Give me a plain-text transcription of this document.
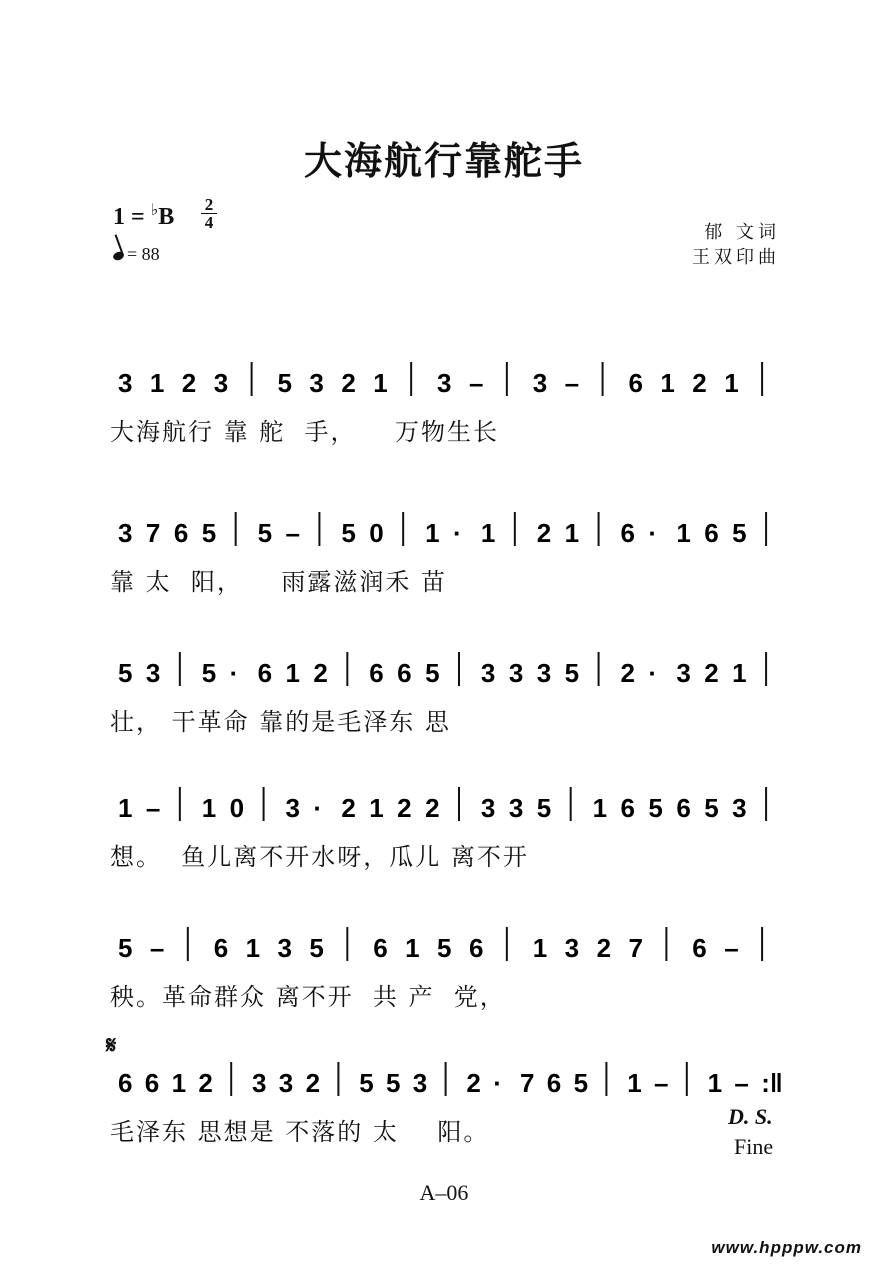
大海航行靠舵手
1 = ♭B 2
4
= 88
郁 文词
王双印曲
3 1 2 3 5 3 2 1 3 – 3 – 6 1 2 1
大海航行 靠 舵  手，    万物生长
3 7 6 5 5 – 5 0 1 · 1 2 1 6 · 1 6 5
靠 太  阳，    雨露滋润禾 苗
5 3 5 · 6 1 2 6 6 5 3 3 3 5 2 · 3 2 1
壮， 干革命 靠的是毛泽东 思
1 – 1 0 3 · 2 1 2 2 3 3 5 1 6 5 6 5 3
想。  鱼儿离不开水呀，瓜儿 离不开
5 – 6 1 3 5 6 1 5 6 1 3 2 7 6 –
秧。革命群众 离不开  共 产  党，
6 6 1 2 3 3 2 5 5 3 2 · 7 6 5 1 – 1 – :‖
毛泽东 思想是 不落的 太    阳。
𝄋
D. S.
Fine
A–06
www.hpppw.com
